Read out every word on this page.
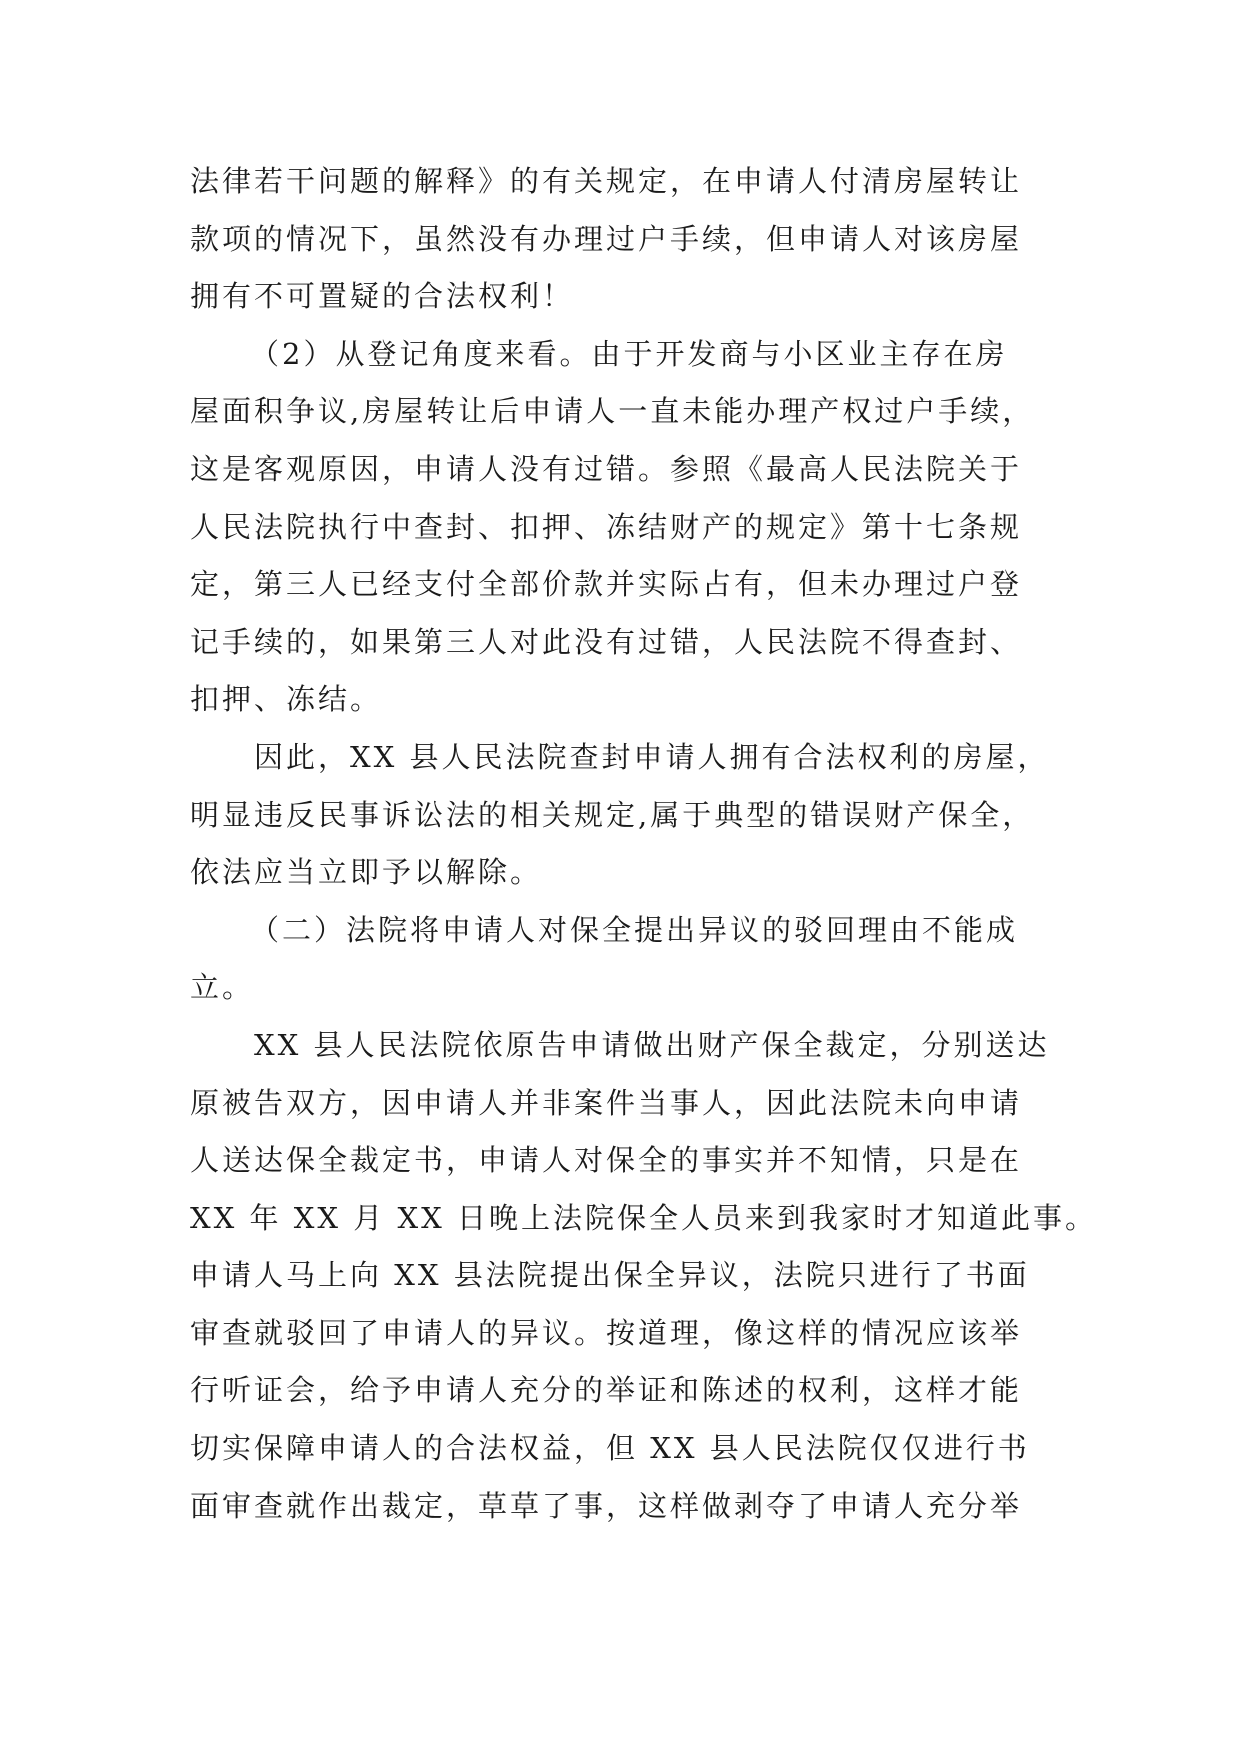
法律若干问题的解释》的有关规定，在申请人付清房屋转让
款项的情况下，虽然没有办理过户手续，但申请人对该房屋
拥有不可置疑的合法权利！
（2）从登记角度来看。由于开发商与小区业主存在房
屋面积争议,房屋转让后申请人一直未能办理产权过户手续，
这是客观原因，申请人没有过错。参照《最高人民法院关于
人民法院执行中查封、扣押、冻结财产的规定》第十七条规
定，第三人已经支付全部价款并实际占有，但未办理过户登
记手续的，如果第三人对此没有过错，人民法院不得查封、
扣押、冻结。
因此，XX 县人民法院查封申请人拥有合法权利的房屋，
明显违反民事诉讼法的相关规定,属于典型的错误财产保全，
依法应当立即予以解除。
（二）法院将申请人对保全提出异议的驳回理由不能成
立。
XX 县人民法院依原告申请做出财产保全裁定，分别送达
原被告双方，因申请人并非案件当事人，因此法院未向申请
人送达保全裁定书，申请人对保全的事实并不知情，只是在
XX 年 XX 月 XX 日晚上法院保全人员来到我家时才知道此事。
申请人马上向 XX 县法院提出保全异议，法院只进行了书面
审查就驳回了申请人的异议。按道理，像这样的情况应该举
行听证会，给予申请人充分的举证和陈述的权利，这样才能
切实保障申请人的合法权益，但 XX 县人民法院仅仅进行书
面审查就作出裁定，草草了事，这样做剥夺了申请人充分举
